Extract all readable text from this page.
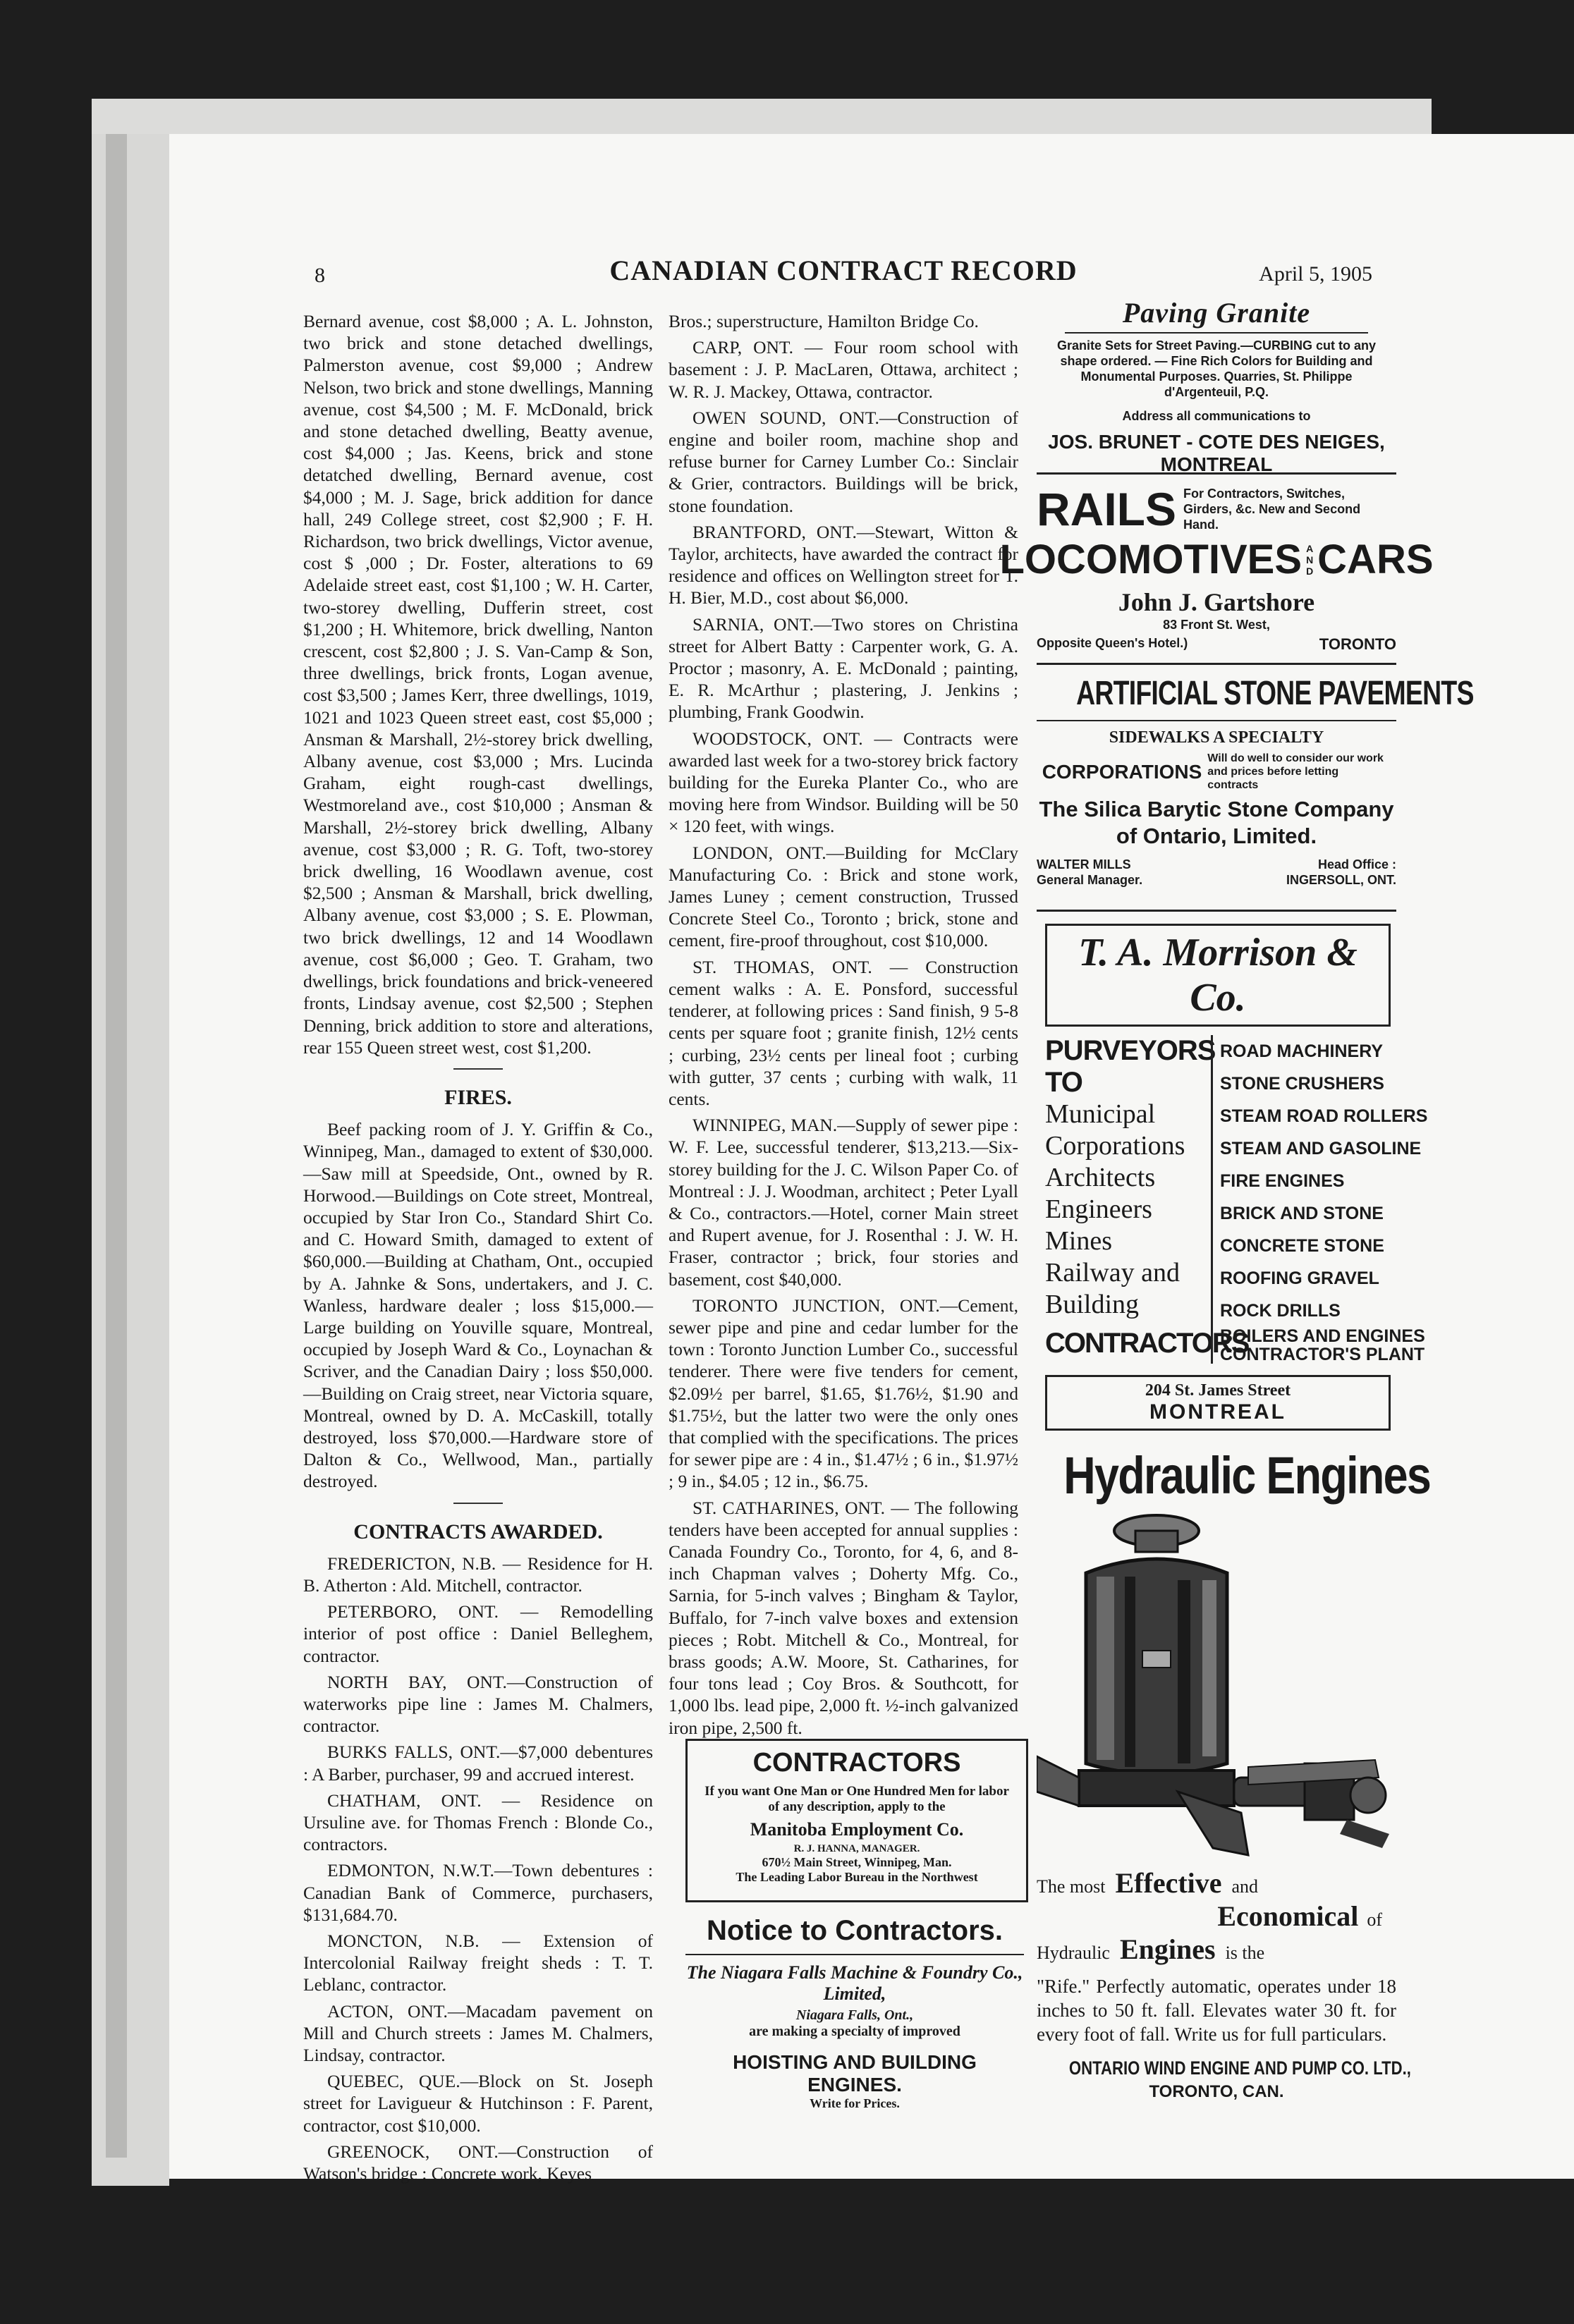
8	CANADIAN CONTRACT RECORD	April 5, 1905

Bernard avenue, cost $8,000 ; A. L. Johnston, two brick and stone detached dwellings, Palmerston avenue, cost $9,000 ; Andrew Nelson, two brick and stone dwellings, Manning avenue, cost $4,500 ; M. F. McDonald, brick and stone detached dwelling, Beatty avenue, cost $4,000 ; Jas. Keens, brick and stone detatched dwelling, Bernard avenue, cost $4,000 ; M. J. Sage, brick addition for dance hall, 249 College street, cost $2,900 ; F. H. Richardson, two brick dwellings, Victor avenue, cost $ ,000 ; Dr. Foster, alterations to 69 Adelaide street east, cost $1,100 ; W. H. Carter, two-storey dwelling, Dufferin street, cost $1,200 ; H. Whitemore, brick dwelling, Nanton crescent, cost $2,800 ; J. S. Van-Camp & Son, three dwellings, brick fronts, Logan avenue, cost $3,500 ; James Kerr, three dwellings, 1019, 1021 and 1023 Queen street east, cost $5,000 ; Ansman & Marshall, 2½-storey brick dwelling, Albany avenue, cost $3,000 ; Mrs. Lucinda Graham, eight rough-cast dwellings, Westmoreland ave., cost $10,000 ; Ansman & Marshall, 2½-storey brick dwelling, Albany avenue, cost $3,000 ; R. G. Toft, two-storey brick dwelling, 16 Woodlawn avenue, cost $2,500 ; Ansman & Marshall, brick dwelling, Albany avenue, cost $3,000 ; S. E. Plowman, two brick dwellings, 12 and 14 Woodlawn avenue, cost $6,000 ; Geo. T. Graham, two dwellings, brick foundations and brick-veneered fronts, Lindsay avenue, cost $2,500 ; Stephen Denning, brick addition to store and alterations, rear 155 Queen street west, cost $1,200.

FIRES.

Beef packing room of J. Y. Griffin & Co., Winnipeg, Man., damaged to extent of $30,000.—Saw mill at Speedside, Ont., owned by R. Horwood.—Buildings on Cote street, Montreal, occupied by Star Iron Co., Standard Shirt Co. and C. Howard Smith, damaged to extent of $60,000.—Building at Chatham, Ont., occupied by A. Jahnke & Sons, undertakers, and J. C. Wanless, hardware dealer ; loss $15,000.—Large building on Youville square, Montreal, occupied by Joseph Ward & Co., Loynachan & Scriver, and the Canadian Dairy ; loss $50,000.—Building on Craig street, near Victoria square, Montreal, owned by D. A. McCaskill, totally destroyed, loss $70,000.—Hardware store of Dalton & Co., Wellwood, Man., partially destroyed.

CONTRACTS AWARDED.

FREDERICTON, N.B. — Residence for H. B. Atherton : Ald. Mitchell, contractor.

PETERBORO, ONT. — Remodelling interior of post office : Daniel Belleghem, contractor.

NORTH BAY, ONT.—Construction of waterworks pipe line : James M. Chalmers, contractor.

BURKS FALLS, ONT.—$7,000 debentures : A Barber, purchaser, 99 and accrued interest.

CHATHAM, ONT. — Residence on Ursuline ave. for Thomas French : Blonde Co., contractors.

EDMONTON, N.W.T.—Town debentures : Canadian Bank of Commerce, purchasers, $131,684.70.

MONCTON, N.B. — Extension of Intercolonial Railway freight sheds : T. T. Leblanc, contractor.

ACTON, ONT.—Macadam pavement on Mill and Church streets : James M. Chalmers, Lindsay, contractor.

QUEBEC, QUE.—Block on St. Joseph street for Lavigueur & Hutchinson : F. Parent, contractor, cost $10,000.

GREENOCK, ONT.—Construction of Watson's bridge : Concrete work, Keyes

Bros.; superstructure, Hamilton Bridge Co.

CARP, ONT. — Four room school with basement : J. P. MacLaren, Ottawa, architect ; W. R. J. Mackey, Ottawa, contractor.

OWEN SOUND, ONT.—Construction of engine and boiler room, machine shop and refuse burner for Carney Lumber Co.: Sinclair & Grier, contractors. Buildings will be brick, stone foundation.

BRANTFORD, ONT.—Stewart, Witton & Taylor, architects, have awarded the contract for residence and offices on Wellington street for T. H. Bier, M.D., cost about $6,000.

SARNIA, ONT.—Two stores on Christina street for Albert Batty : Carpenter work, G. A. Proctor ; masonry, A. E. McDonald ; painting, E. R. McArthur ; plastering, J. Jenkins ; plumbing, Frank Goodwin.

WOODSTOCK, ONT. — Contracts were awarded last week for a two-storey brick factory building for the Eureka Planter Co., who are moving here from Windsor. Building will be 50 × 120 feet, with wings.

LONDON, ONT.—Building for McClary Manufacturing Co. : Brick and stone work, James Luney ; cement construction, Trussed Concrete Steel Co., Toronto ; brick, stone and cement, fire-proof throughout, cost $10,000.

ST. THOMAS, ONT. — Construction cement walks : A. E. Ponsford, successful tenderer, at following prices : Sand finish, 9 5-8 cents per square foot ; granite finish, 12½ cents ; curbing, 23½ cents per lineal foot ; curbing with gutter, 37 cents ; curbing with walk, 11 cents.

WINNIPEG, MAN.—Supply of sewer pipe : W. F. Lee, successful tenderer, $13,213.—Six-storey building for the J. C. Wilson Paper Co. of Montreal : J. J. Woodman, architect ; Peter Lyall & Co., contractors.—Hotel, corner Main street and Rupert avenue, for J. Rosenthal : J. W. H. Fraser, contractor ; brick, four stories and basement, cost $40,000.

TORONTO JUNCTION, ONT.—Cement, sewer pipe and pine and cedar lumber for the town : Toronto Junction Lumber Co., successful tenderer. There were five tenders for cement, $2.09½ per barrel, $1.65, $1.76½, $1.90 and $1.75½, but the latter two were the only ones that complied with the specifications. The prices for sewer pipe are : 4 in., $1.47½ ; 6 in., $1.97½ ; 9 in., $4.05 ; 12 in., $6.75.

ST. CATHARINES, ONT. — The following tenders have been accepted for annual supplies : Canada Foundry Co., Toronto, for 4, 6, and 8-inch Chapman valves ; Doherty Mfg. Co., Sarnia, for 5-inch valves ; Bingham & Taylor, Buffalo, for 7-inch valve boxes and extension pieces ; Robt. Mitchell & Co., Montreal, for brass goods; A.W. Moore, St. Catharines, for four tons lead ; Coy Bros. & Southcott, for 1,000 lbs. lead pipe, 2,000 ft. ½-inch galvanized iron pipe, 2,500 ft.

CONTRACTORS
If you want One Man or One Hundred Men for labor of any description, apply to the
Manitoba Employment Co.
R. J. HANNA, MANAGER.
670½ Main Street, Winnipeg, Man.
The Leading Labor Bureau in the Northwest
Notice to Contractors.
The Niagara Falls Machine & Foundry Co., Limited,
Niagara Falls, Ont.,
are making a specialty of improved
HOISTING AND BUILDING ENGINES.
Write for Prices.
Paving Granite
Granite Sets for Street Paving.—CURBING cut to any shape ordered. — Fine Rich Colors for Building and Monumental Purposes. Quarries, St. Philippe d'Argenteuil, P.Q.
Address all communications to
JOS. BRUNET - COTE DES NEIGES, MONTREAL
RAILS For Contractors, Switches, Girders, &c. New and Second Hand.
LOCOMOTIVES A N D CARS
John J. Gartshore
83 Front St. West,
Opposite Queen's Hotel.)	TORONTO
ARTIFICIAL STONE PAVEMENTS
SIDEWALKS A SPECIALTY
CORPORATIONS
Will do well to consider our work and prices before letting contracts
The Silica Barytic Stone Company of Ontario, Limited.
WALTER MILLS
General Manager.
Head Office :
INGERSOLL, ONT.
T. A. Morrison & Co.
PURVEYORS TO
Municipal
Corporations
Architects
Engineers
Mines
Railway and
Building
CONTRACTORS
ROAD MACHINERY
STONE CRUSHERS
STEAM ROAD ROLLERS
STEAM AND GASOLINE
FIRE ENGINES
BRICK AND STONE
CONCRETE STONE
ROOFING GRAVEL
ROCK DRILLS
BOILERS AND ENGINES
CONTRACTOR'S PLANT
204 St. James Street
MONTREAL
Hydraulic Engines
The most Effective and
Economical of
Hydraulic Engines is the
"Rife." Perfectly automatic, operates under 18 inches to 50 ft. fall. Elevates water 30 ft. for every foot of fall. Write us for full particulars.
ONTARIO WIND ENGINE AND PUMP CO. LTD.,
TORONTO, CAN.
